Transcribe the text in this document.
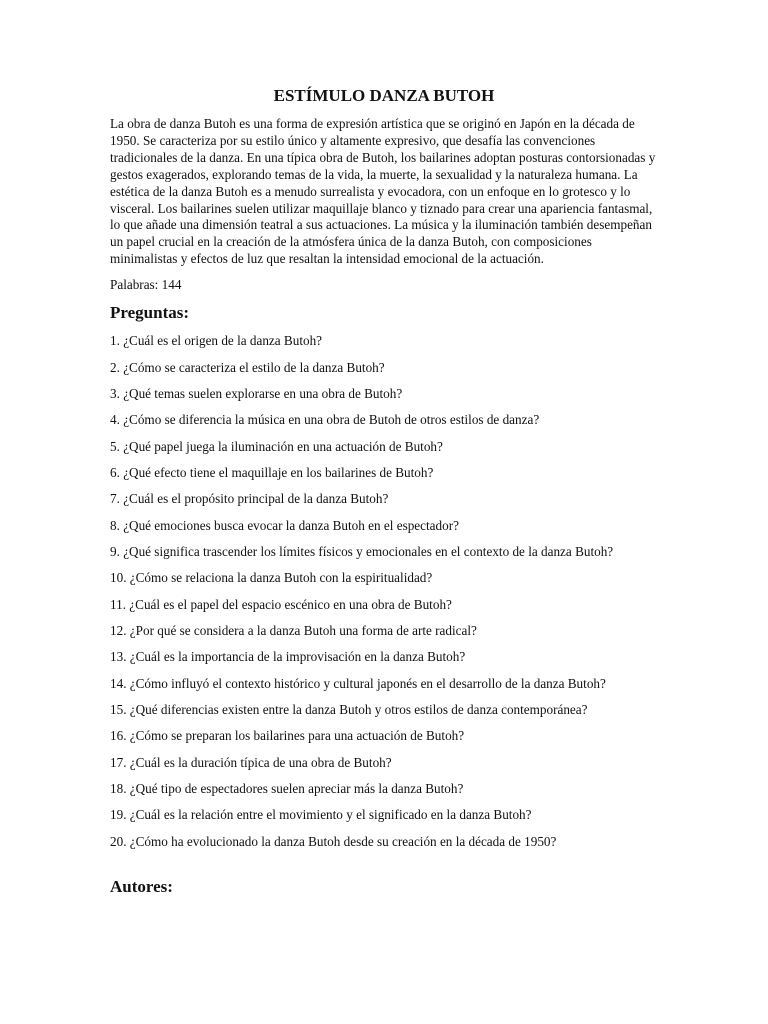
ESTÍMULO DANZA BUTOH

La obra de danza Butoh es una forma de expresión artística que se originó en Japón en la década de 1950. Se caracteriza por su estilo único y altamente expresivo, que desafía las convenciones tradicionales de la danza. En una típica obra de Butoh, los bailarines adoptan posturas contorsionadas y gestos exagerados, explorando temas de la vida, la muerte, la sexualidad y la naturaleza humana. La estética de la danza Butoh es a menudo surrealista y evocadora, con un enfoque en lo grotesco y lo visceral. Los bailarines suelen utilizar maquillaje blanco y tiznado para crear una apariencia fantasmal, lo que añade una dimensión teatral a sus actuaciones. La música y la iluminación también desempeñan un papel crucial en la creación de la atmósfera única de la danza Butoh, con composiciones minimalistas y efectos de luz que resaltan la intensidad emocional de la actuación.

Palabras: 144

Preguntas:
1. ¿Cuál es el origen de la danza Butoh?
2. ¿Cómo se caracteriza el estilo de la danza Butoh?
3. ¿Qué temas suelen explorarse en una obra de Butoh?
4. ¿Cómo se diferencia la música en una obra de Butoh de otros estilos de danza?
5. ¿Qué papel juega la iluminación en una actuación de Butoh?
6. ¿Qué efecto tiene el maquillaje en los bailarines de Butoh?
7. ¿Cuál es el propósito principal de la danza Butoh?
8. ¿Qué emociones busca evocar la danza Butoh en el espectador?
9. ¿Qué significa trascender los límites físicos y emocionales en el contexto de la danza Butoh?
10. ¿Cómo se relaciona la danza Butoh con la espiritualidad?
11. ¿Cuál es el papel del espacio escénico en una obra de Butoh?
12. ¿Por qué se considera a la danza Butoh una forma de arte radical?
13. ¿Cuál es la importancia de la improvisación en la danza Butoh?
14. ¿Cómo influyó el contexto histórico y cultural japonés en el desarrollo de la danza Butoh?
15. ¿Qué diferencias existen entre la danza Butoh y otros estilos de danza contemporánea?
16. ¿Cómo se preparan los bailarines para una actuación de Butoh?
17. ¿Cuál es la duración típica de una obra de Butoh?
18. ¿Qué tipo de espectadores suelen apreciar más la danza Butoh?
19. ¿Cuál es la relación entre el movimiento y el significado en la danza Butoh?
20. ¿Cómo ha evolucionado la danza Butoh desde su creación en la década de 1950?
Autores:
